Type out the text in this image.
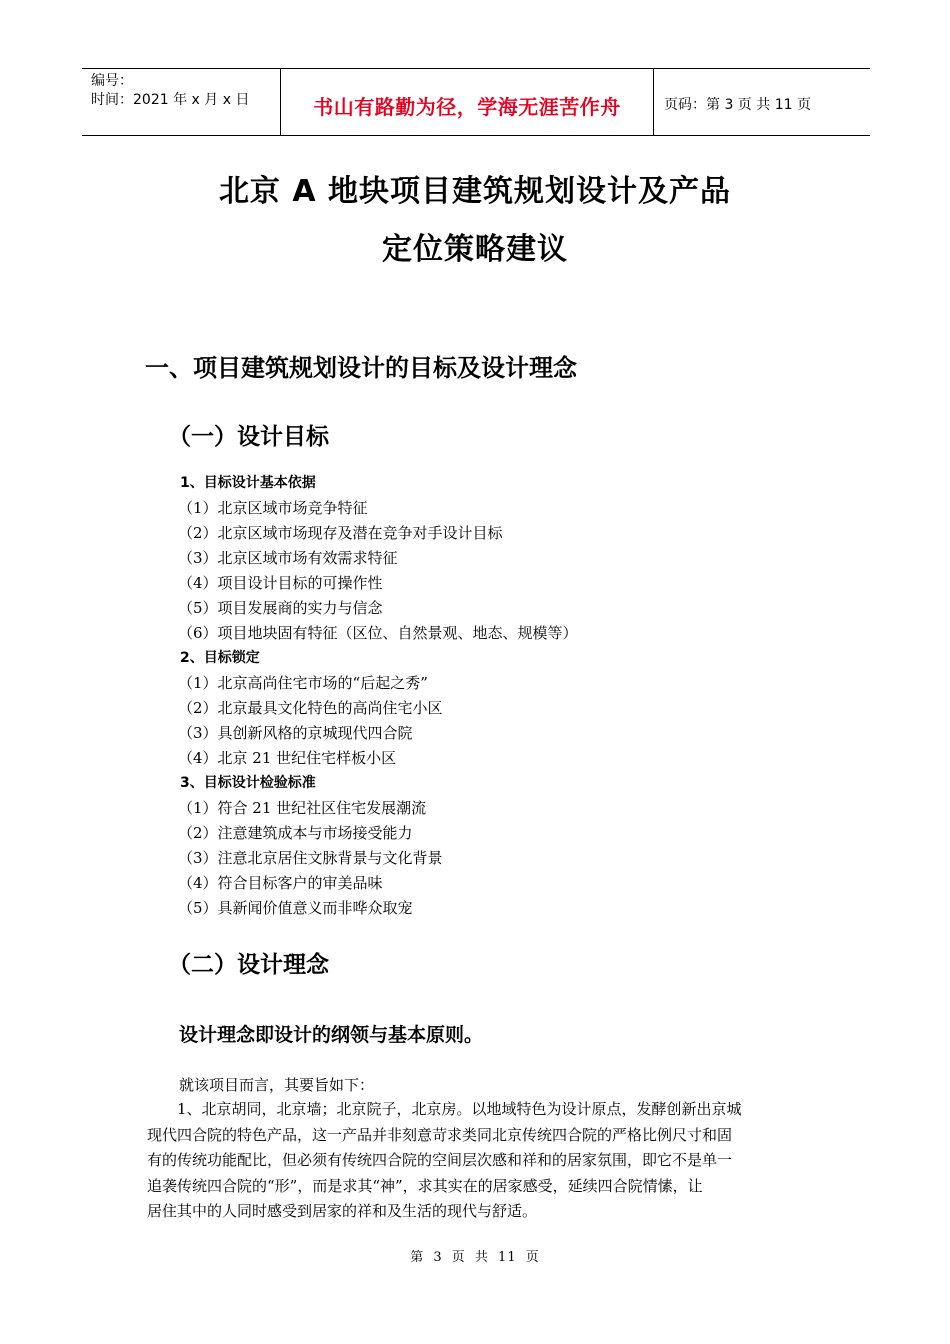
编号：
时间：2021 年 x 月 x 日	书山有路勤为径，学海无涯苦作舟	页码：第 3 页 共 11 页
北京 A 地块项目建筑规划设计及产品
定位策略建议
一、项目建筑规划设计的目标及设计理念
（一）设计目标
1、目标设计基本依据
（1）北京区域市场竞争特征
（2）北京区域市场现存及潜在竞争对手设计目标
（3）北京区域市场有效需求特征
（4）项目设计目标的可操作性
（5）项目发展商的实力与信念
（6）项目地块固有特征（区位、自然景观、地态、规模等）
2、目标锁定
（1）北京高尚住宅市场的“后起之秀”
（2）北京最具文化特色的高尚住宅小区
（3）具创新风格的京城现代四合院
（4）北京 21 世纪住宅样板小区
3、目标设计检验标准
（1）符合 21 世纪社区住宅发展潮流
（2）注意建筑成本与市场接受能力
（3）注意北京居住文脉背景与文化背景
（4）符合目标客户的审美品味
（5）具新闻价值意义而非哗众取宠
（二）设计理念
设计理念即设计的纲领与基本原则。
就该项目而言，其要旨如下：
　　1、北京胡同，北京墙；北京院子，北京房。以地域特色为设计原点，发酵创新出京城
现代四合院的特色产品，这一产品并非刻意苛求类同北京传统四合院的严格比例尺寸和固
有的传统功能配比，但必须有传统四合院的空间层次感和祥和的居家氛围，即它不是单一
追袭传统四合院的“形”，而是求其“神”，求其实在的居家感受，延续四合院情愫，让
居住其中的人同时感受到居家的祥和及生活的现代与舒适。
第 3 页 共 11 页
